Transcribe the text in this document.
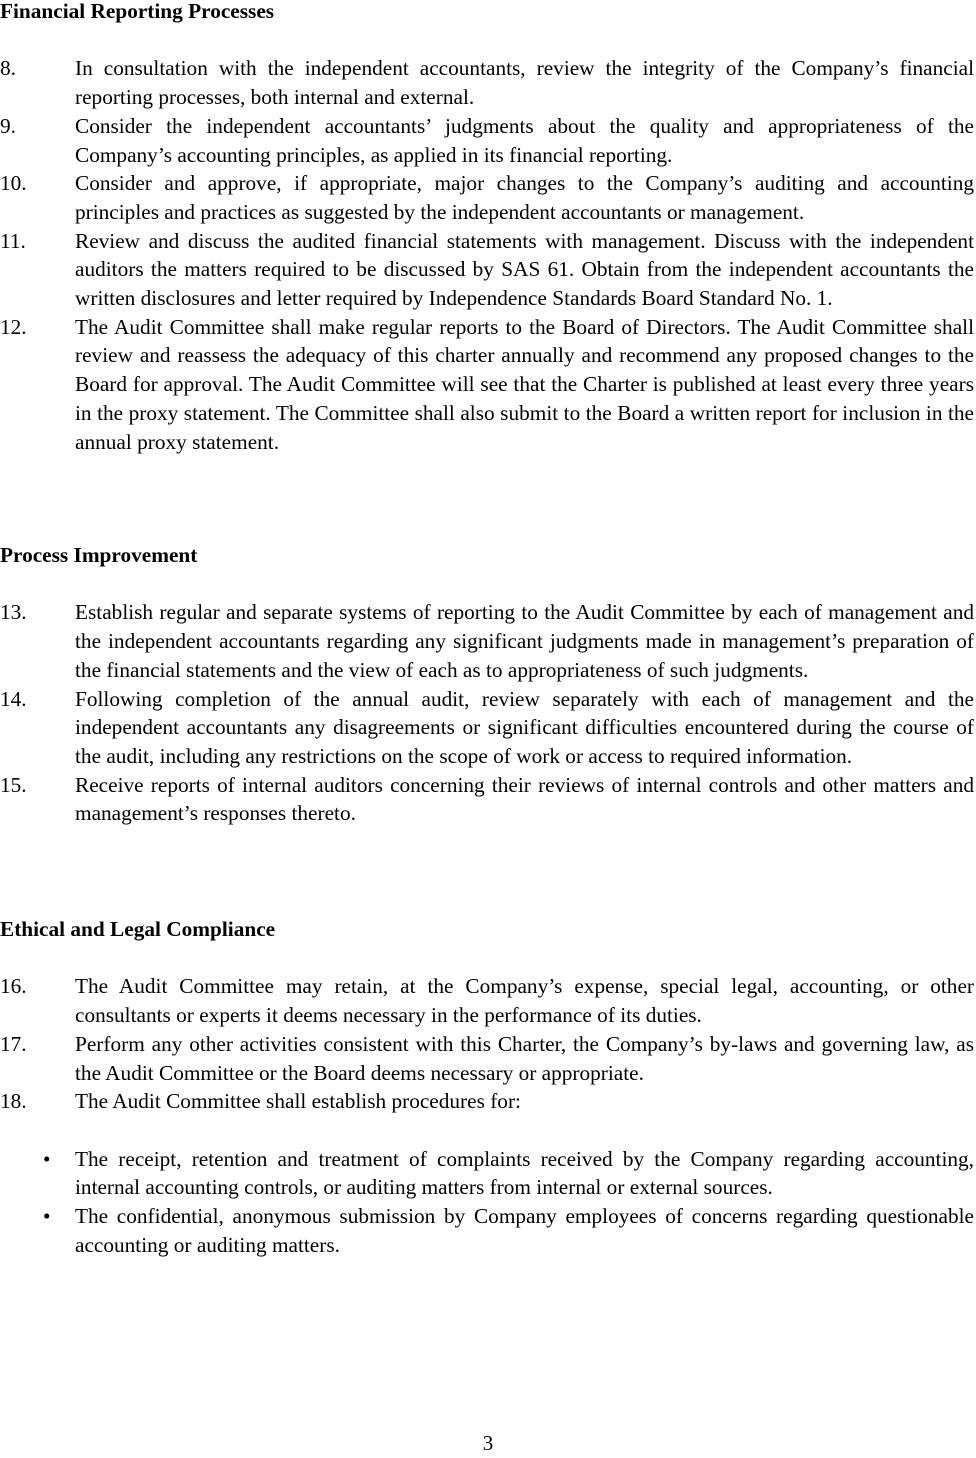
Financial Reporting Processes

8.	In consultation with the independent accountants, review the integrity of the Company’s financial reporting processes, both internal and external.
9.	Consider the independent accountants’ judgments about the quality and appropriateness of the Company’s accounting principles, as applied in its financial reporting.
10. Consider and approve, if appropriate, major changes to the Company’s auditing and accounting principles and practices as suggested by the independent accountants or management.
11. Review and discuss the audited financial statements with management. Discuss with the independent auditors the matters required to be discussed by SAS 61. Obtain from the independent accountants the written disclosures and letter required by Independence Standards Board Standard No. 1.
12. The Audit Committee shall make regular reports to the Board of Directors. The Audit Committee shall review and reassess the adequacy of this charter annually and recommend any proposed changes to the Board for approval. The Audit Committee will see that the Charter is published at least every three years in the proxy statement. The Committee shall also submit to the Board a written report for inclusion in the annual proxy statement.

Process Improvement

13. Establish regular and separate systems of reporting to the Audit Committee by each of management and the independent accountants regarding any significant judgments made in management’s preparation of the financial statements and the view of each as to appropriateness of such judgments.
14. Following completion of the annual audit, review separately with each of management and the independent accountants any disagreements or significant difficulties encountered during the course of the audit, including any restrictions on the scope of work or access to required information.
15. Receive reports of internal auditors concerning their reviews of internal controls and other matters and management’s responses thereto.

Ethical and Legal Compliance

16. The Audit Committee may retain, at the Company’s expense, special legal, accounting, or other consultants or experts it deems necessary in the performance of its duties.
17. Perform any other activities consistent with this Charter, the Company’s by-laws and governing law, as the Audit Committee or the Board deems necessary or appropriate.
18. The Audit Committee shall establish procedures for:
• The receipt, retention and treatment of complaints received by the Company regarding accounting, internal accounting controls, or auditing matters from internal or external sources.
• The confidential, anonymous submission by Company employees of concerns regarding questionable accounting or auditing matters.
3
